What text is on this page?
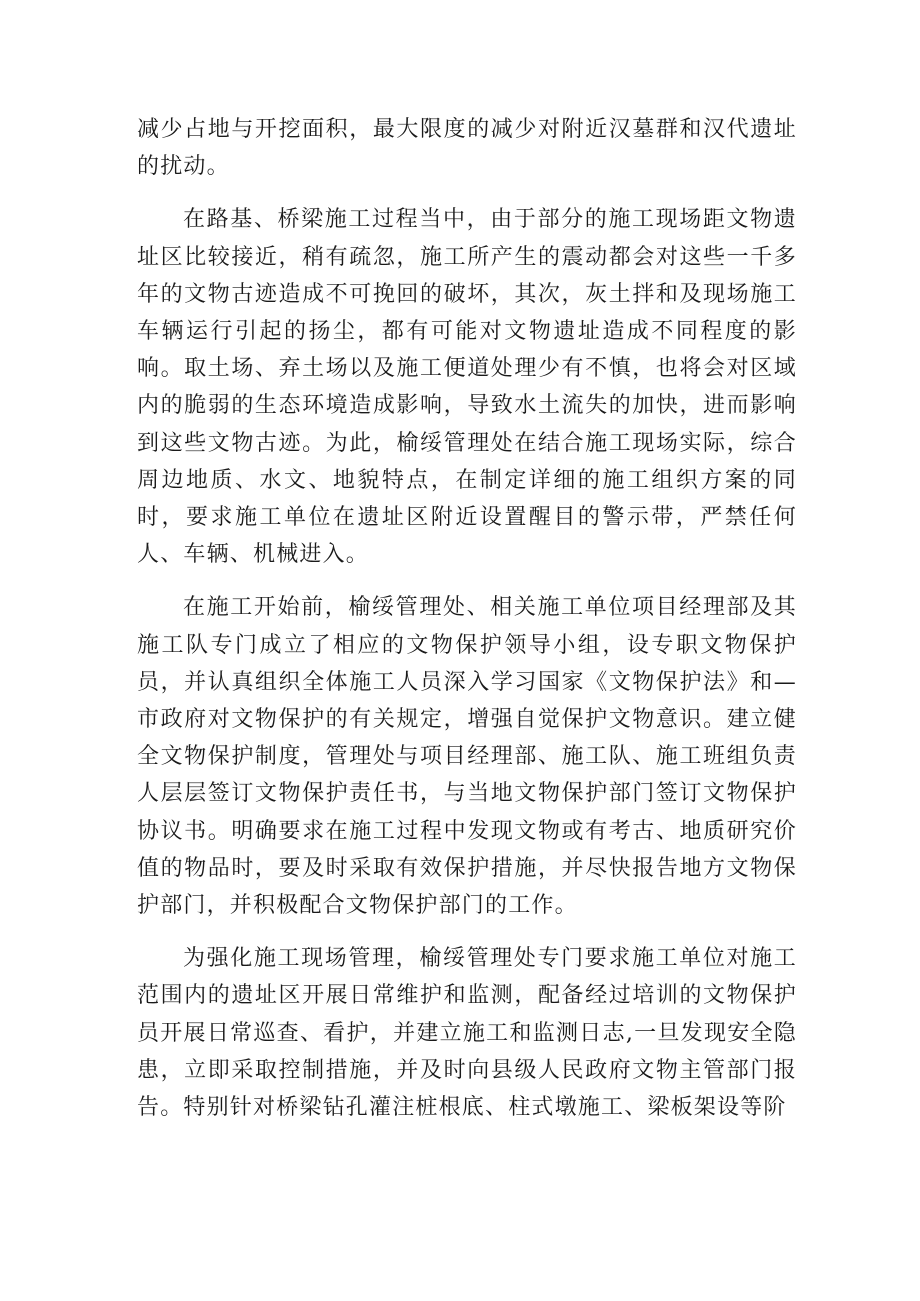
减少占地与开挖面积，最大限度的减少对附近汉墓群和汉代遗址的扰动。

在路基、桥梁施工过程当中，由于部分的施工现场距文物遗址区比较接近，稍有疏忽，施工所产生的震动都会对这些一千多年的文物古迹造成不可挽回的破坏，其次，灰土拌和及现场施工车辆运行引起的扬尘，都有可能对文物遗址造成不同程度的影响。取土场、弃土场以及施工便道处理少有不慎，也将会对区域内的脆弱的生态环境造成影响，导致水土流失的加快，进而影响到这些文物古迹。为此，榆绥管理处在结合施工现场实际，综合周边地质、水文、地貌特点，在制定详细的施工组织方案的同时，要求施工单位在遗址区附近设置醒目的警示带，严禁任何人、车辆、机械进入。

在施工开始前，榆绥管理处、相关施工单位项目经理部及其施工队专门成立了相应的文物保护领导小组，设专职文物保护员，并认真组织全体施工人员深入学习国家《文物保护法》和—市政府对文物保护的有关规定，增强自觉保护文物意识。建立健全文物保护制度，管理处与项目经理部、施工队、施工班组负责人层层签订文物保护责任书，与当地文物保护部门签订文物保护协议书。明确要求在施工过程中发现文物或有考古、地质研究价值的物品时，要及时采取有效保护措施，并尽快报告地方文物保护部门，并积极配合文物保护部门的工作。

为强化施工现场管理，榆绥管理处专门要求施工单位对施工范围内的遗址区开展日常维护和监测，配备经过培训的文物保护员开展日常巡查、看护，并建立施工和监测日志,一旦发现安全隐患，立即采取控制措施，并及时向县级人民政府文物主管部门报告。特别针对桥梁钻孔灌注桩根底、柱式墩施工、梁板架设等阶
